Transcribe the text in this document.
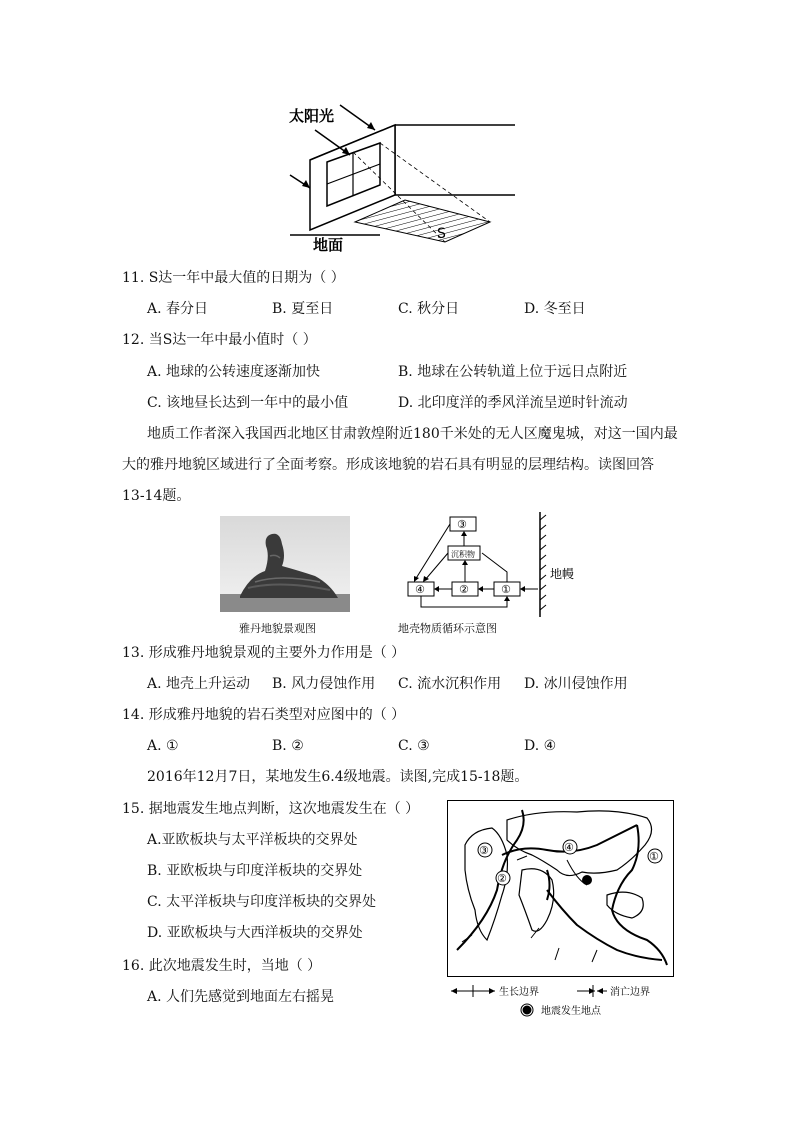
太阳光
地面
S
11. S达一年中最大值的日期为（ ）
A. 春分日	B. 夏至日	C. 秋分日	D. 冬至日
12. 当S达一年中最小值时（ ）
A. 地球的公转速度逐渐加快	B. 地球在公转轨道上位于远日点附近
C. 该地昼长达到一年中的最小值	D. 北印度洋的季风洋流呈逆时针流动
地质工作者深入我国西北地区甘肃敦煌附近180千米处的无人区魔鬼城，对这一国内最
大的雅丹地貌区域进行了全面考察。形成该地貌的岩石具有明显的层理结构。读图回答
13-14题。
雅丹地貌景观图
③
沉积物
④	②	①
地幔
地壳物质循环示意图
13. 形成雅丹地貌景观的主要外力作用是（ ）
A. 地壳上升运动 B. 风力侵蚀作用 C. 流水沉积作用 D. 冰川侵蚀作用
14. 形成雅丹地貌的岩石类型对应图中的（ ）
A. ①	B. ②	C. ③	D. ④
2016年12月7日，某地发生6.4级地震。读图,完成15-18题。
15. 据地震发生地点判断，这次地震发生在（ ）
A.亚欧板块与太平洋板块的交界处
B. 亚欧板块与印度洋板块的交界处
C. 太平洋板块与印度洋板块的交界处
D. 亚欧板块与大西洋板块的交界处
16. 此次地震发生时，当地（ ）
A. 人们先感觉到地面左右摇晃
①
②
③	④
生长边界	消亡边界
地震发生地点
